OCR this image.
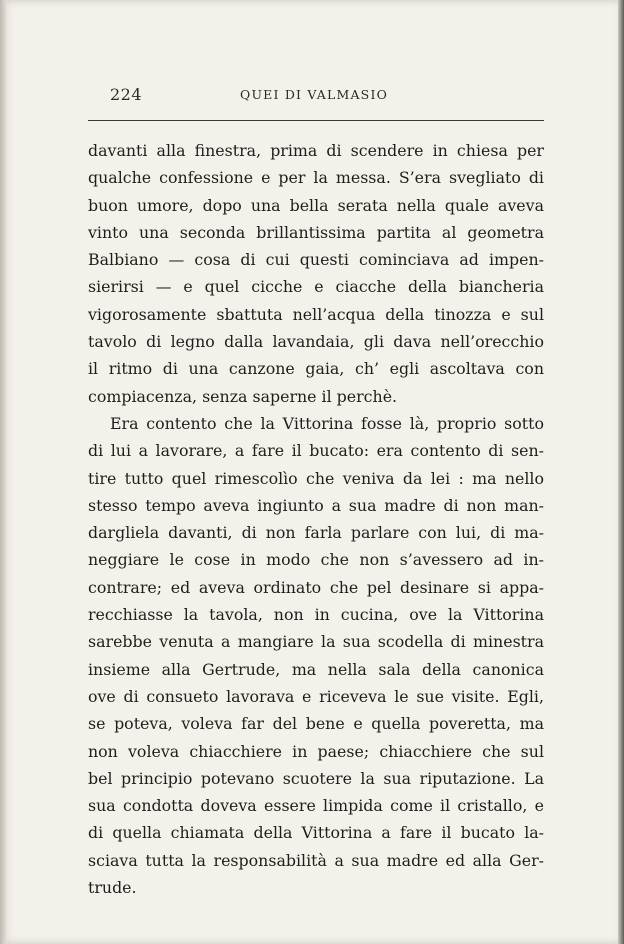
224	QUEI DI VALMASIO
davanti alla finestra, prima di scendere in chiesa per
qualche confessione e per la messa. S’era svegliato di
buon umore, dopo una bella serata nella quale aveva
vinto una seconda brillantissima partita al geometra
Balbiano — cosa di cui questi cominciava ad impen-
sierirsi — e quel cicche e ciacche della biancheria
vigorosamente sbattuta nell’acqua della tinozza e sul
tavolo di legno dalla lavandaia, gli dava nell’orecchio
il ritmo di una canzone gaia, ch’ egli ascoltava con
compiacenza, senza saperne il perchè.
Era contento che la Vittorina fosse là, proprio sotto
di lui a lavorare, a fare il bucato: era contento di sen-
tire tutto quel rimescolìo che veniva da lei : ma nello
stesso tempo aveva ingiunto a sua madre di non man-
dargliela davanti, di non farla parlare con lui, di ma-
neggiare le cose in modo che non s’avessero ad in-
contrare; ed aveva ordinato che pel desinare si appa-
recchiasse la tavola, non in cucina, ove la Vittorina
sarebbe venuta a mangiare la sua scodella di minestra
insieme alla Gertrude, ma nella sala della canonica
ove di consueto lavorava e riceveva le sue visite. Egli,
se poteva, voleva far del bene e quella poveretta, ma
non voleva chiacchiere in paese; chiacchiere che sul
bel principio potevano scuotere la sua riputazione. La
sua condotta doveva essere limpida come il cristallo, e
di quella chiamata della Vittorina a fare il bucato la-
sciava tutta la responsabilità a sua madre ed alla Ger-
trude.
